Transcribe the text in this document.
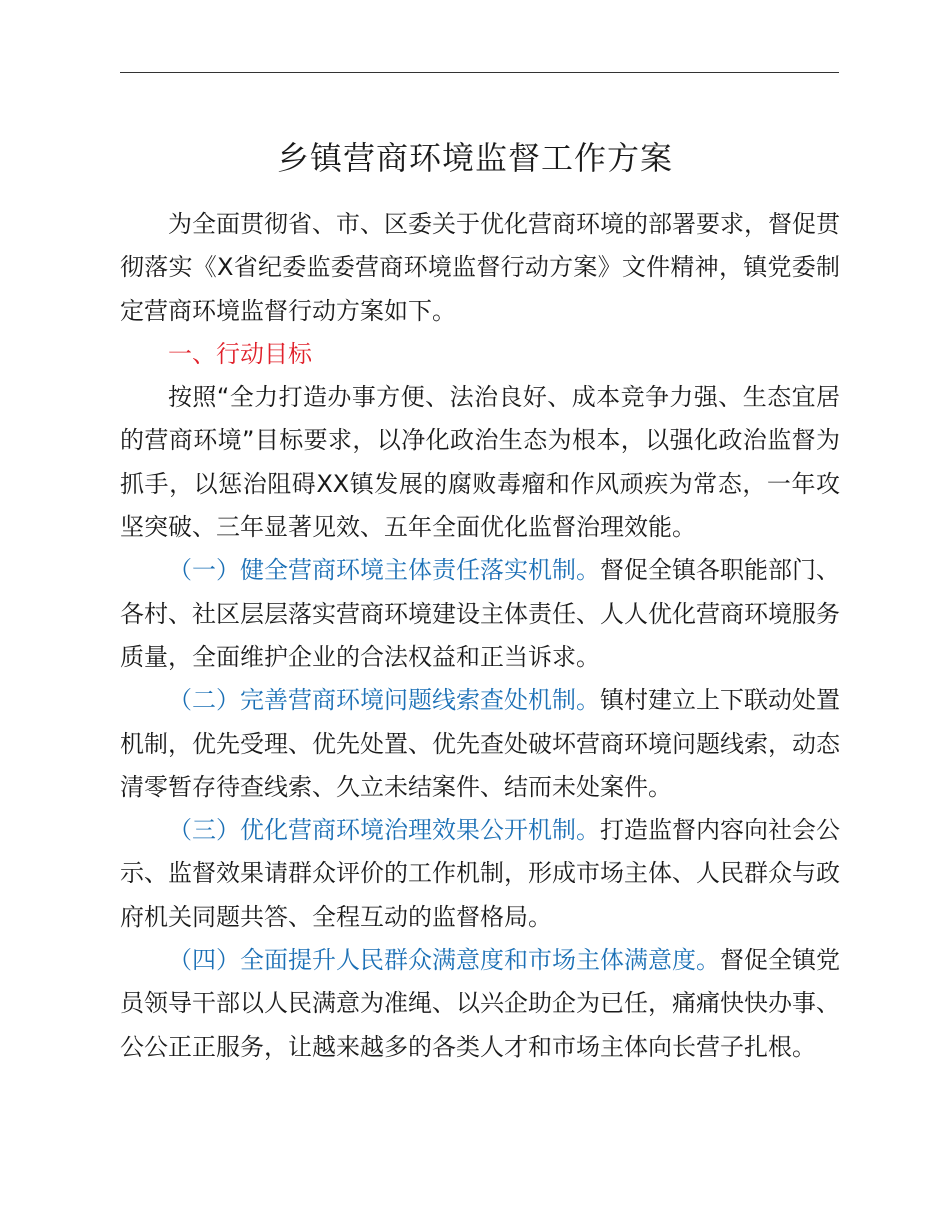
乡镇营商环境监督工作方案

为全面贯彻省、市、区委关于优化营商环境的部署要求，督促贯彻落实《X省纪委监委营商环境监督行动方案》文件精神，镇党委制定营商环境监督行动方案如下。

一、行动目标

按照“全力打造办事方便、法治良好、成本竞争力强、生态宜居的营商环境”目标要求，以净化政治生态为根本，以强化政治监督为抓手，以惩治阻碍XX镇发展的腐败毒瘤和作风顽疾为常态，一年攻坚突破、三年显著见效、五年全面优化监督治理效能。

（一）健全营商环境主体责任落实机制。督促全镇各职能部门、各村、社区层层落实营商环境建设主体责任、人人优化营商环境服务质量，全面维护企业的合法权益和正当诉求。

（二）完善营商环境问题线索查处机制。镇村建立上下联动处置机制，优先受理、优先处置、优先查处破坏营商环境问题线索，动态清零暂存待查线索、久立未结案件、结而未处案件。

（三）优化营商环境治理效果公开机制。打造监督内容向社会公示、监督效果请群众评价的工作机制，形成市场主体、人民群众与政府机关同题共答、全程互动的监督格局。

（四）全面提升人民群众满意度和市场主体满意度。督促全镇党员领导干部以人民满意为准绳、以兴企助企为已任，痛痛快快办事、公公正正服务，让越来越多的各类人才和市场主体向长营子扎根。
